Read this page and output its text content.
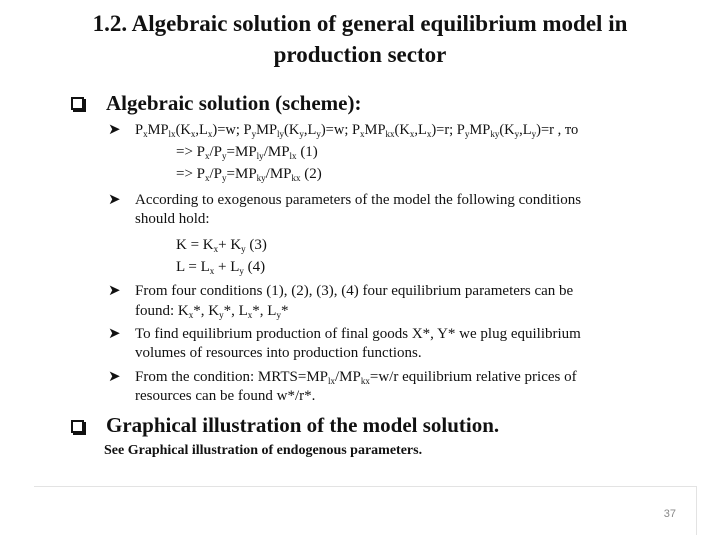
1.2. Algebraic solution of general equilibrium model in
production sector
Algebraic solution (scheme):
➤ $P_xMP_{lx}(K_x,L_x)=w$; $P_yMP_{ly}(K_y,L_y)=w$; $P_xMP_{kx}(K_x,L_x)=r$; $P_yMP_{ky}(K_y,L_y)=r$ , то
=> $P_x/P_y=MP_{ly}/MP_{lx}$ (1)
=> $P_x/P_y=MP_{ky}/MP_{kx}$ (2)
➤ According to exogenous parameters of the model the following conditions
should hold:
$K = K_x+ K_y$ (3)
$L = L_x + L_y$ (4)
➤ From four conditions (1), (2), (3), (4) four equilibrium parameters can be
found: $K_x*$, $K_y*$, $L_x*$, $L_y*$
➤ To find equilibrium production of final goods X*, Y* we plug equilibrium
volumes of resources into production functions.
➤ From the condition: $MRTS=MP_{lx}/MP_{kx}=w/r$ equilibrium relative prices of
resources can be found w*/r*.
Graphical illustration of the model solution.
See Graphical illustration of endogenous parameters.
37
